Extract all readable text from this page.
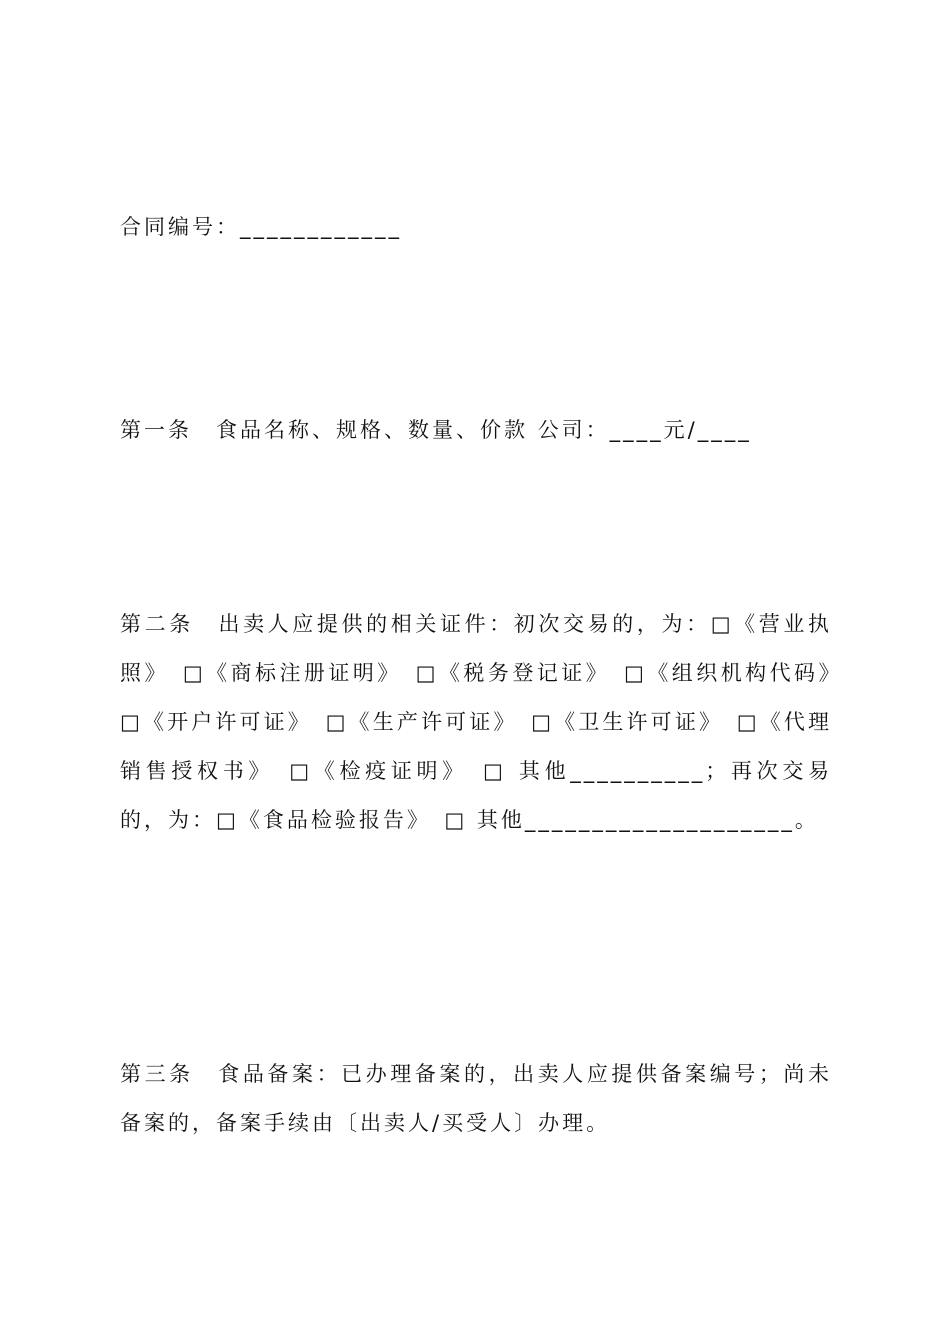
合同编号：____________
第一条　食品名称、规格、数量、价款 公司：____元/____
第二条　出卖人应提供的相关证件：初次交易的，为：□《营业执照》　□《商标注册证明》　□《税务登记证》　□《组织机构代码》　□《开户许可证》　□《生产许可证》　□《卫生许可证》　□《代理销售授权书》　□《检疫证明》　□ 其他__________；再次交易的，为：□《食品检验报告》　□ 其他____________________。
第三条　食品备案：已办理备案的，出卖人应提供备案编号；尚未备案的，备案手续由〔出卖人/买受人〕办理。
